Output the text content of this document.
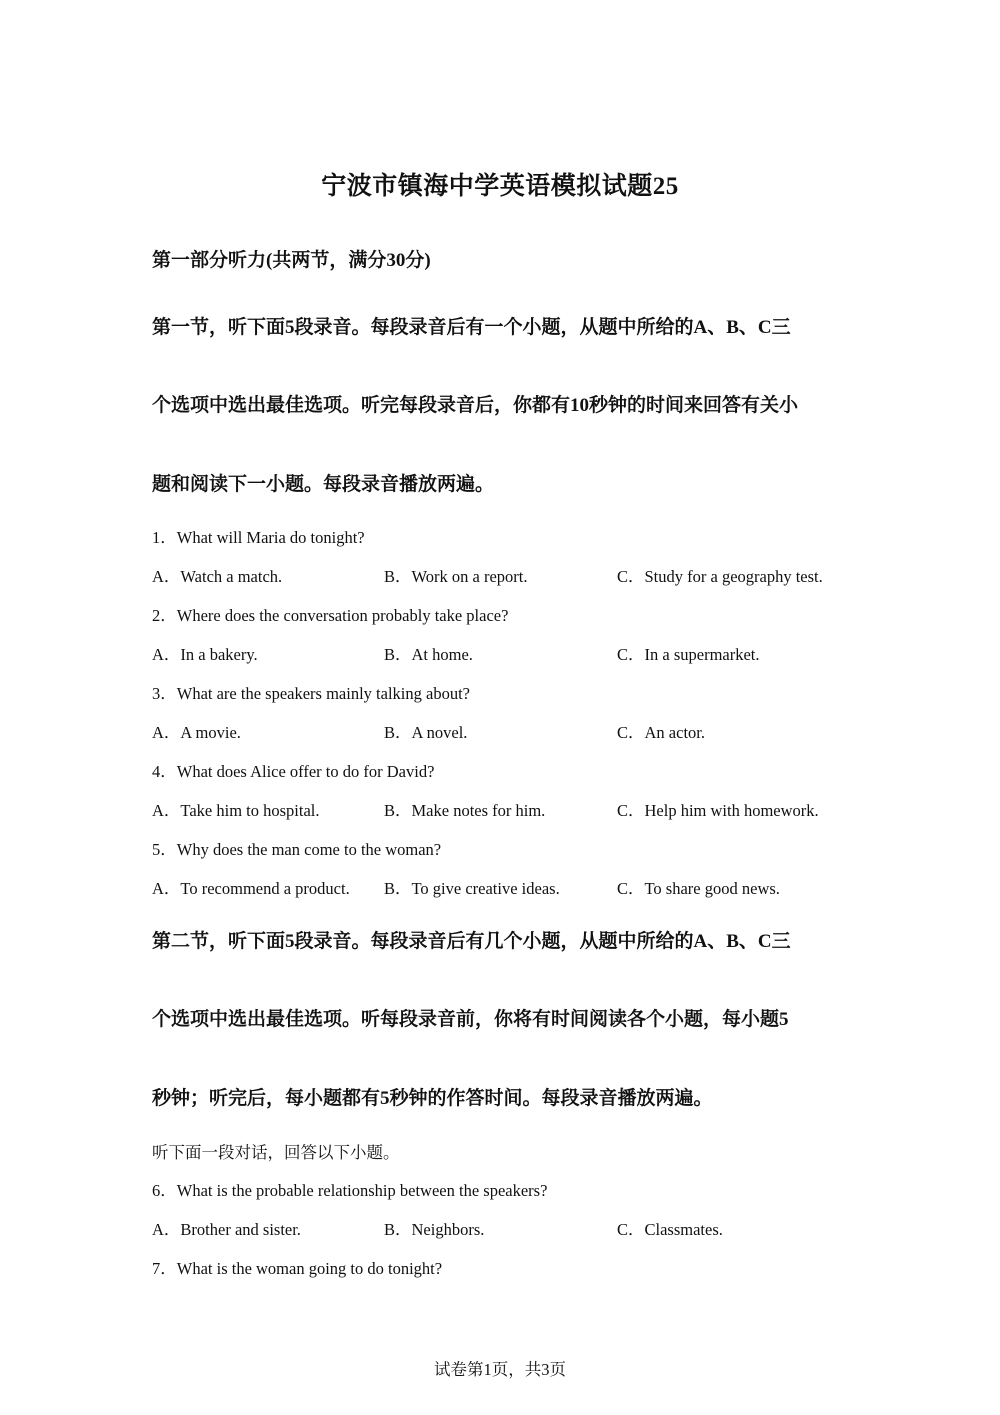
宁波市镇海中学英语模拟试题25
第一部分听力(共两节，满分30分)
第一节，听下面5段录音。每段录音后有一个小题，从题中所给的A、B、C三
个选项中选出最佳选项。听完每段录音后，你都有10秒钟的时间来回答有关小
题和阅读下一小题。每段录音播放两遍。
1．What will Maria do tonight?
A．Watch a match.	B．Work on a report.	C．Study for a geography test.
2．Where does the conversation probably take place?
A．In a bakery.	B．At home.	C．In a supermarket.
3．What are the speakers mainly talking about?
A．A movie.	B．A novel.	C．An actor.
4．What does Alice offer to do for David?
A．Take him to hospital.	B．Make notes for him.	C．Help him with homework.
5．Why does the man come to the woman?
A．To recommend a product. B．To give creative ideas.	C．To share good news.
第二节，听下面5段录音。每段录音后有几个小题，从题中所给的A、B、C三
个选项中选出最佳选项。听每段录音前，你将有时间阅读各个小题，每小题5
秒钟；听完后，每小题都有5秒钟的作答时间。每段录音播放两遍。
听下面一段对话，回答以下小题。
6．What is the probable relationship between the speakers?
A．Brother and sister.	B．Neighbors.	C．Classmates.
7．What is the woman going to do tonight?
试卷第1页，共3页
